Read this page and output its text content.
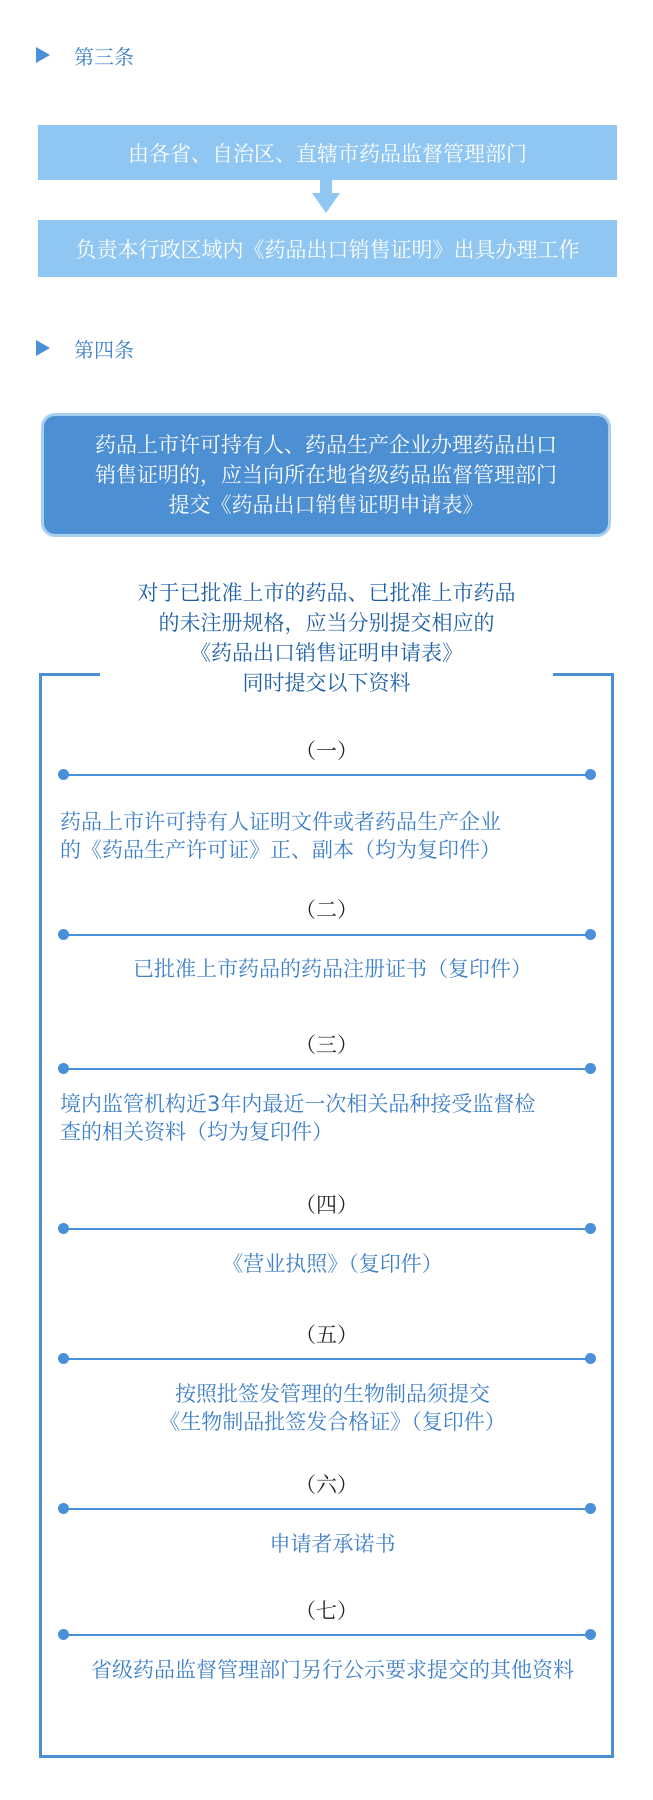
第三条
由各省、自治区、直辖市药品监督管理部门
负责本行政区域内《药品出口销售证明》出具办理工作
第四条
药品上市许可持有人、药品生产企业办理药品出口
销售证明的，应当向所在地省级药品监督管理部门
提交《药品出口销售证明申请表》
对于已批准上市的药品、已批准上市药品
的未注册规格，应当分别提交相应的
《药品出口销售证明申请表》
同时提交以下资料
（一）
药品上市许可持有人证明文件或者药品生产企业
的《药品生产许可证》正、副本（均为复印件）
（二）
已批准上市药品的药品注册证书（复印件）
（三）
境内监管机构近3年内最近一次相关品种接受监督检
查的相关资料（均为复印件）
（四）
《营业执照》（复印件）
（五）
按照批签发管理的生物制品须提交
《生物制品批签发合格证》（复印件）
（六）
申请者承诺书
（七）
省级药品监督管理部门另行公示要求提交的其他资料
